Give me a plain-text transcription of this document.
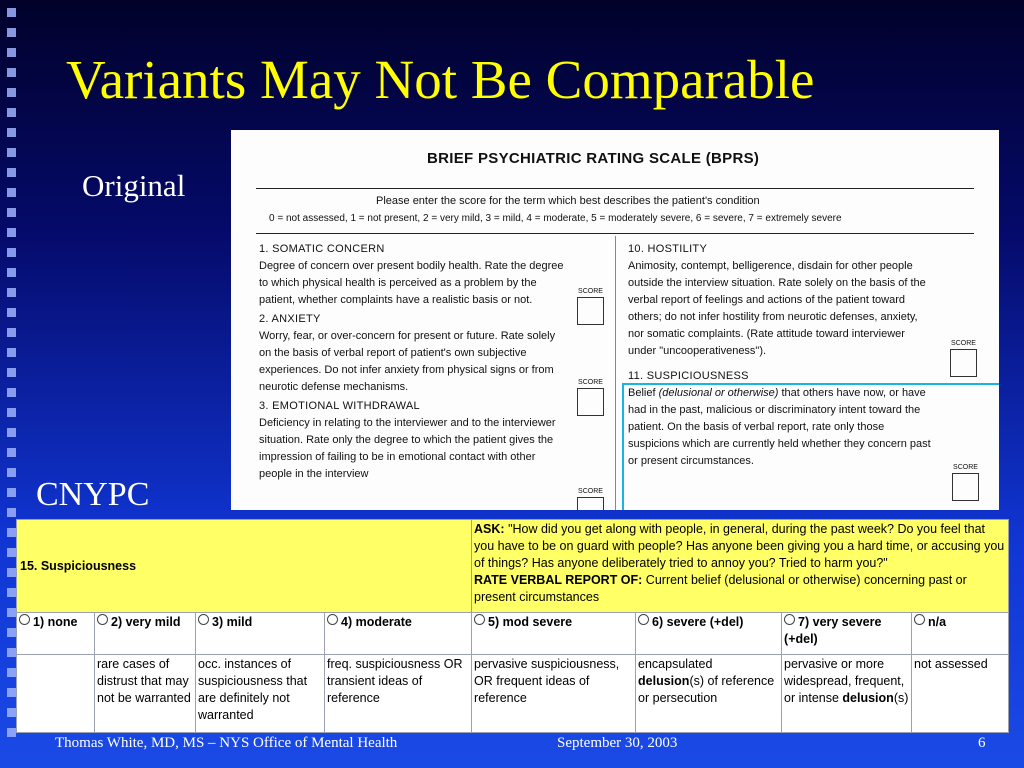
Variants May Not Be Comparable
Original
BRIEF PSYCHIATRIC RATING SCALE (BPRS)
Please enter the score for the term which best describes the patient's condition
0 = not assessed, 1 = not present, 2 = very mild, 3 = mild, 4 = moderate, 5 = moderately severe, 6 = severe, 7 = extremely severe
1. SOMATIC CONCERN
Degree of concern over present bodily health. Rate the degree to which physical health is perceived as a problem by the patient, whether complaints have a realistic basis or not.
2. ANXIETY
Worry, fear, or over-concern for present or future. Rate solely on the basis of verbal report of patient's own subjective experiences. Do not infer anxiety from physical signs or from neurotic defense mechanisms.
3. EMOTIONAL WITHDRAWAL
Deficiency in relating to the interviewer and to the interviewer situation. Rate only the degree to which the patient gives the impression of failing to be in emotional contact with other people in the interview
10. HOSTILITY
Animosity, contempt, belligerence, disdain for other people outside the interview situation. Rate solely on the basis of the verbal report of feelings and actions of the patient toward others; do not infer hostility from neurotic defenses, anxiety, nor somatic complaints. (Rate attitude toward interviewer under "uncooperativeness").
11. SUSPICIOUSNESS
Belief (delusional or otherwise) that others have now, or have had in the past, malicious or discriminatory intent toward the patient. On the basis of verbal report, rate only those suspicions which are currently held whether they concern past or present circumstances.
SCORE
SCORE
SCORE
SCORE
SCORE
CNYPC
15. Suspiciousness				ASK: "How did you get along with people, in general, during the past week? Do you feel that you have to be on guard with people? Has anyone been giving you a hard time, or accusing you of things? Has anyone deliberately tried to annoy you? Tried to harm you?"
RATE VERBAL REPORT OF: Current belief (delusional or otherwise) concerning past or present circumstances			
1) none	2) very mild	3) mild	4) moderate	5) mod severe	6) severe (+del)	7) very severe (+del)	n/a
	rare cases of distrust that may not be warranted	occ. instances of suspiciousness that are definitely not warranted	freq. suspiciousness OR transient ideas of reference	pervasive suspiciousness, OR frequent ideas of reference	encapsulated delusion(s) of reference or persecution	pervasive or more widespread, frequent, or intense delusion(s)	not assessed
Thomas White, MD, MS – NYS Office of Mental Health	September 30, 2003	6
